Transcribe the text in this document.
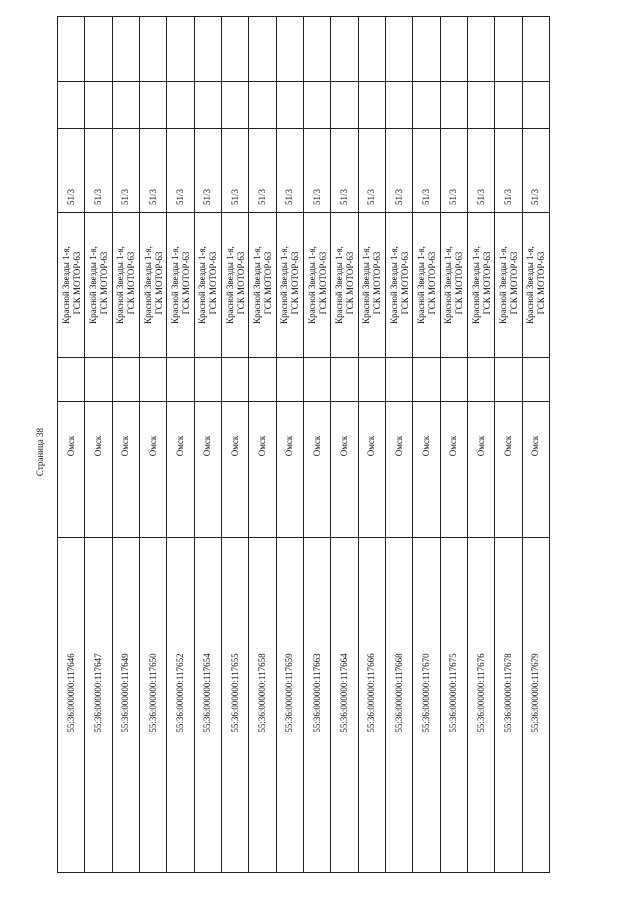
Страница 38
55:36:000000:117646
Омск
Красной Звезды 1-я, ГСК МОТОР-63
51/3
55:36:000000:117647
Омск
Красной Звезды 1-я, ГСК МОТОР-63
51/3
55:36:000000:117649
Омск
Красной Звезды 1-я, ГСК МОТОР-63
51/3
55:36:000000:117650
Омск
Красной Звезды 1-я, ГСК МОТОР-63
51/3
55:36:000000:117652
Омск
Красной Звезды 1-я, ГСК МОТОР-63
51/3
55:36:000000:117654
Омск
Красной Звезды 1-я, ГСК МОТОР-63
51/3
55:36:000000:117655
Омск
Красной Звезды 1-я, ГСК МОТОР-63
51/3
55:36:000000:117658
Омск
Красной Звезды 1-я, ГСК МОТОР-63
51/3
55:36:000000:117659
Омск
Красной Звезды 1-я, ГСК МОТОР-63
51/3
55:36:000000:117663
Омск
Красной Звезды 1-я, ГСК МОТОР-63
51/3
55:36:000000:117664
Омск
Красной Звезды 1-я, ГСК МОТОР-63
51/3
55:36:000000:117666
Омск
Красной Звезды 1-я, ГСК МОТОР-63
51/3
55:36:000000:117668
Омск
Красной Звезды 1-я, ГСК МОТОР-63
51/3
55:36:000000:117670
Омск
Красной Звезды 1-я, ГСК МОТОР-63
51/3
55:36:000000:117675
Омск
Красной Звезды 1-я, ГСК МОТОР-63
51/3
55:36:000000:117676
Омск
Красной Звезды 1-я, ГСК МОТОР-63
51/3
55:36:000000:117678
Омск
Красной Звезды 1-я, ГСК МОТОР-63
51/3
55:36:000000:117679
Омск
Красной Звезды 1-я, ГСК МОТОР-63
51/3
